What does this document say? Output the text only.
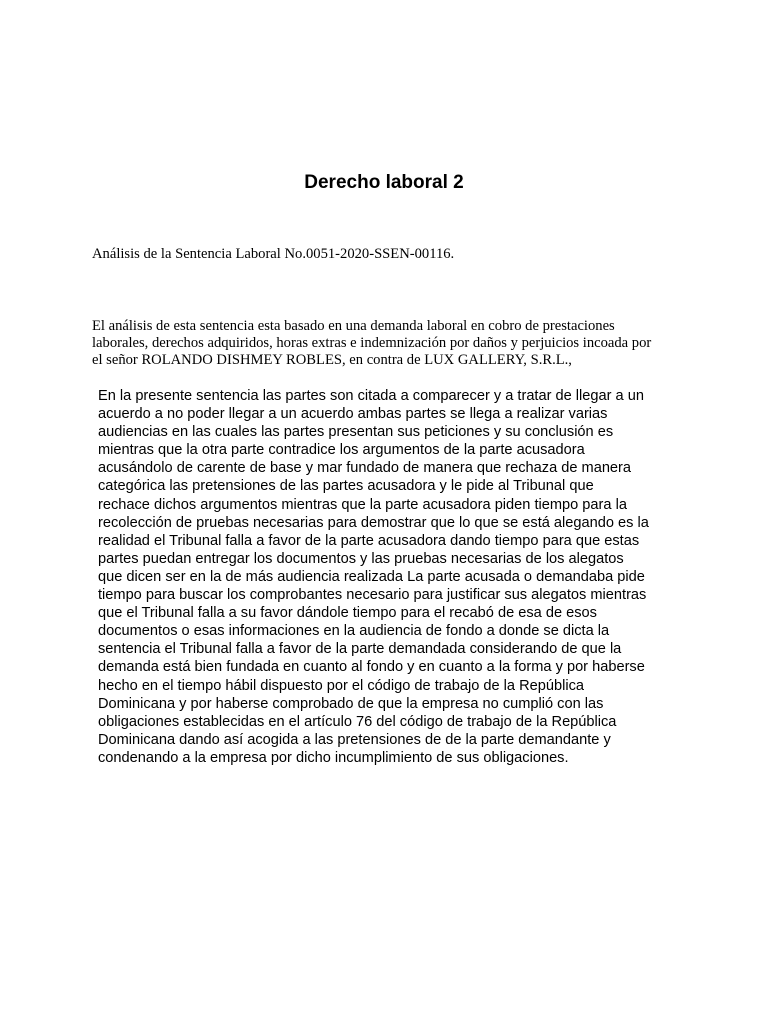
Derecho laboral 2

Análisis de la Sentencia Laboral No.0051-2020-SSEN-00116.

El análisis de esta sentencia esta basado en una demanda laboral en cobro de prestaciones
laborales, derechos adquiridos, horas extras e indemnización por daños y perjuicios incoada por
el señor ROLANDO DISHMEY ROBLES, en contra de LUX GALLERY, S.R.L.,

En la presente sentencia las partes son citada a comparecer y a tratar de llegar a un
acuerdo a no poder llegar a un acuerdo ambas partes se llega a realizar varias
audiencias en las cuales las partes presentan sus peticiones y su conclusión es
mientras que la otra parte contradice los argumentos de la parte acusadora
acusándolo de carente de base y mar fundado de manera que rechaza de manera
categórica las pretensiones de las partes acusadora y le pide al Tribunal que
rechace dichos argumentos mientras que la parte acusadora piden tiempo para la
recolección de pruebas necesarias para demostrar que lo que se está alegando es la
realidad el Tribunal falla a favor de la parte acusadora dando tiempo para que estas
partes puedan entregar los documentos y las pruebas necesarias de los alegatos
que dicen ser en la de más audiencia realizada La parte acusada o demandaba pide
tiempo para buscar los comprobantes necesario para justificar sus alegatos mientras
que el Tribunal falla a su favor dándole tiempo para el recabó de esa de esos
documentos o esas informaciones en la audiencia de fondo a donde se dicta la
sentencia el Tribunal falla a favor de la parte demandada considerando de que la
demanda está bien fundada en cuanto al fondo y en cuanto a la forma y por haberse
hecho en el tiempo hábil dispuesto por el código de trabajo de la República
Dominicana y por haberse comprobado de que la empresa no cumplió con las
obligaciones establecidas en el artículo 76 del código de trabajo de la República
Dominicana dando así acogida a las pretensiones de de la parte demandante y
condenando a la empresa por dicho incumplimiento de sus obligaciones.
